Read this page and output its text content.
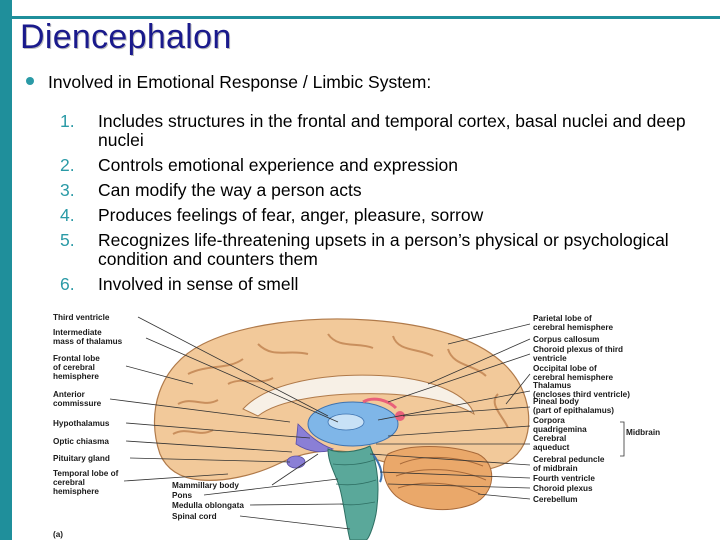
Diencephalon
Involved in Emotional Response / Limbic System:
1.	Includes structures in the frontal and temporal cortex, basal nuclei and deep nuclei
2.	Controls emotional experience and expression
3.	Can modify the way a person acts
4.	Produces feelings of fear, anger, pleasure, sorrow
5.	Recognizes life-threatening upsets in a person’s physical or psychological condition and counters them
6.	Involved in sense of smell
Third ventricle
Intermediate mass of thalamus
Frontal lobe of cerebral hemisphere
Anterior commissure
Hypothalamus
Optic chiasma
Pituitary gland
Temporal lobe of cerebral hemisphere
(a)
Mammillary body
Pons
Medulla oblongata
Spinal cord
Parietal lobe of cerebral hemisphere
Corpus callosum
Choroid plexus of third ventricle
Occipital lobe of cerebral hemisphere
Thalamus (encloses third ventricle)
Pineal body (part of epithalamus)
Corpora quadrigemina
Cerebral aqueduct
Midbrain
Cerebral peduncle of midbrain
Fourth ventricle
Choroid plexus
Cerebellum
